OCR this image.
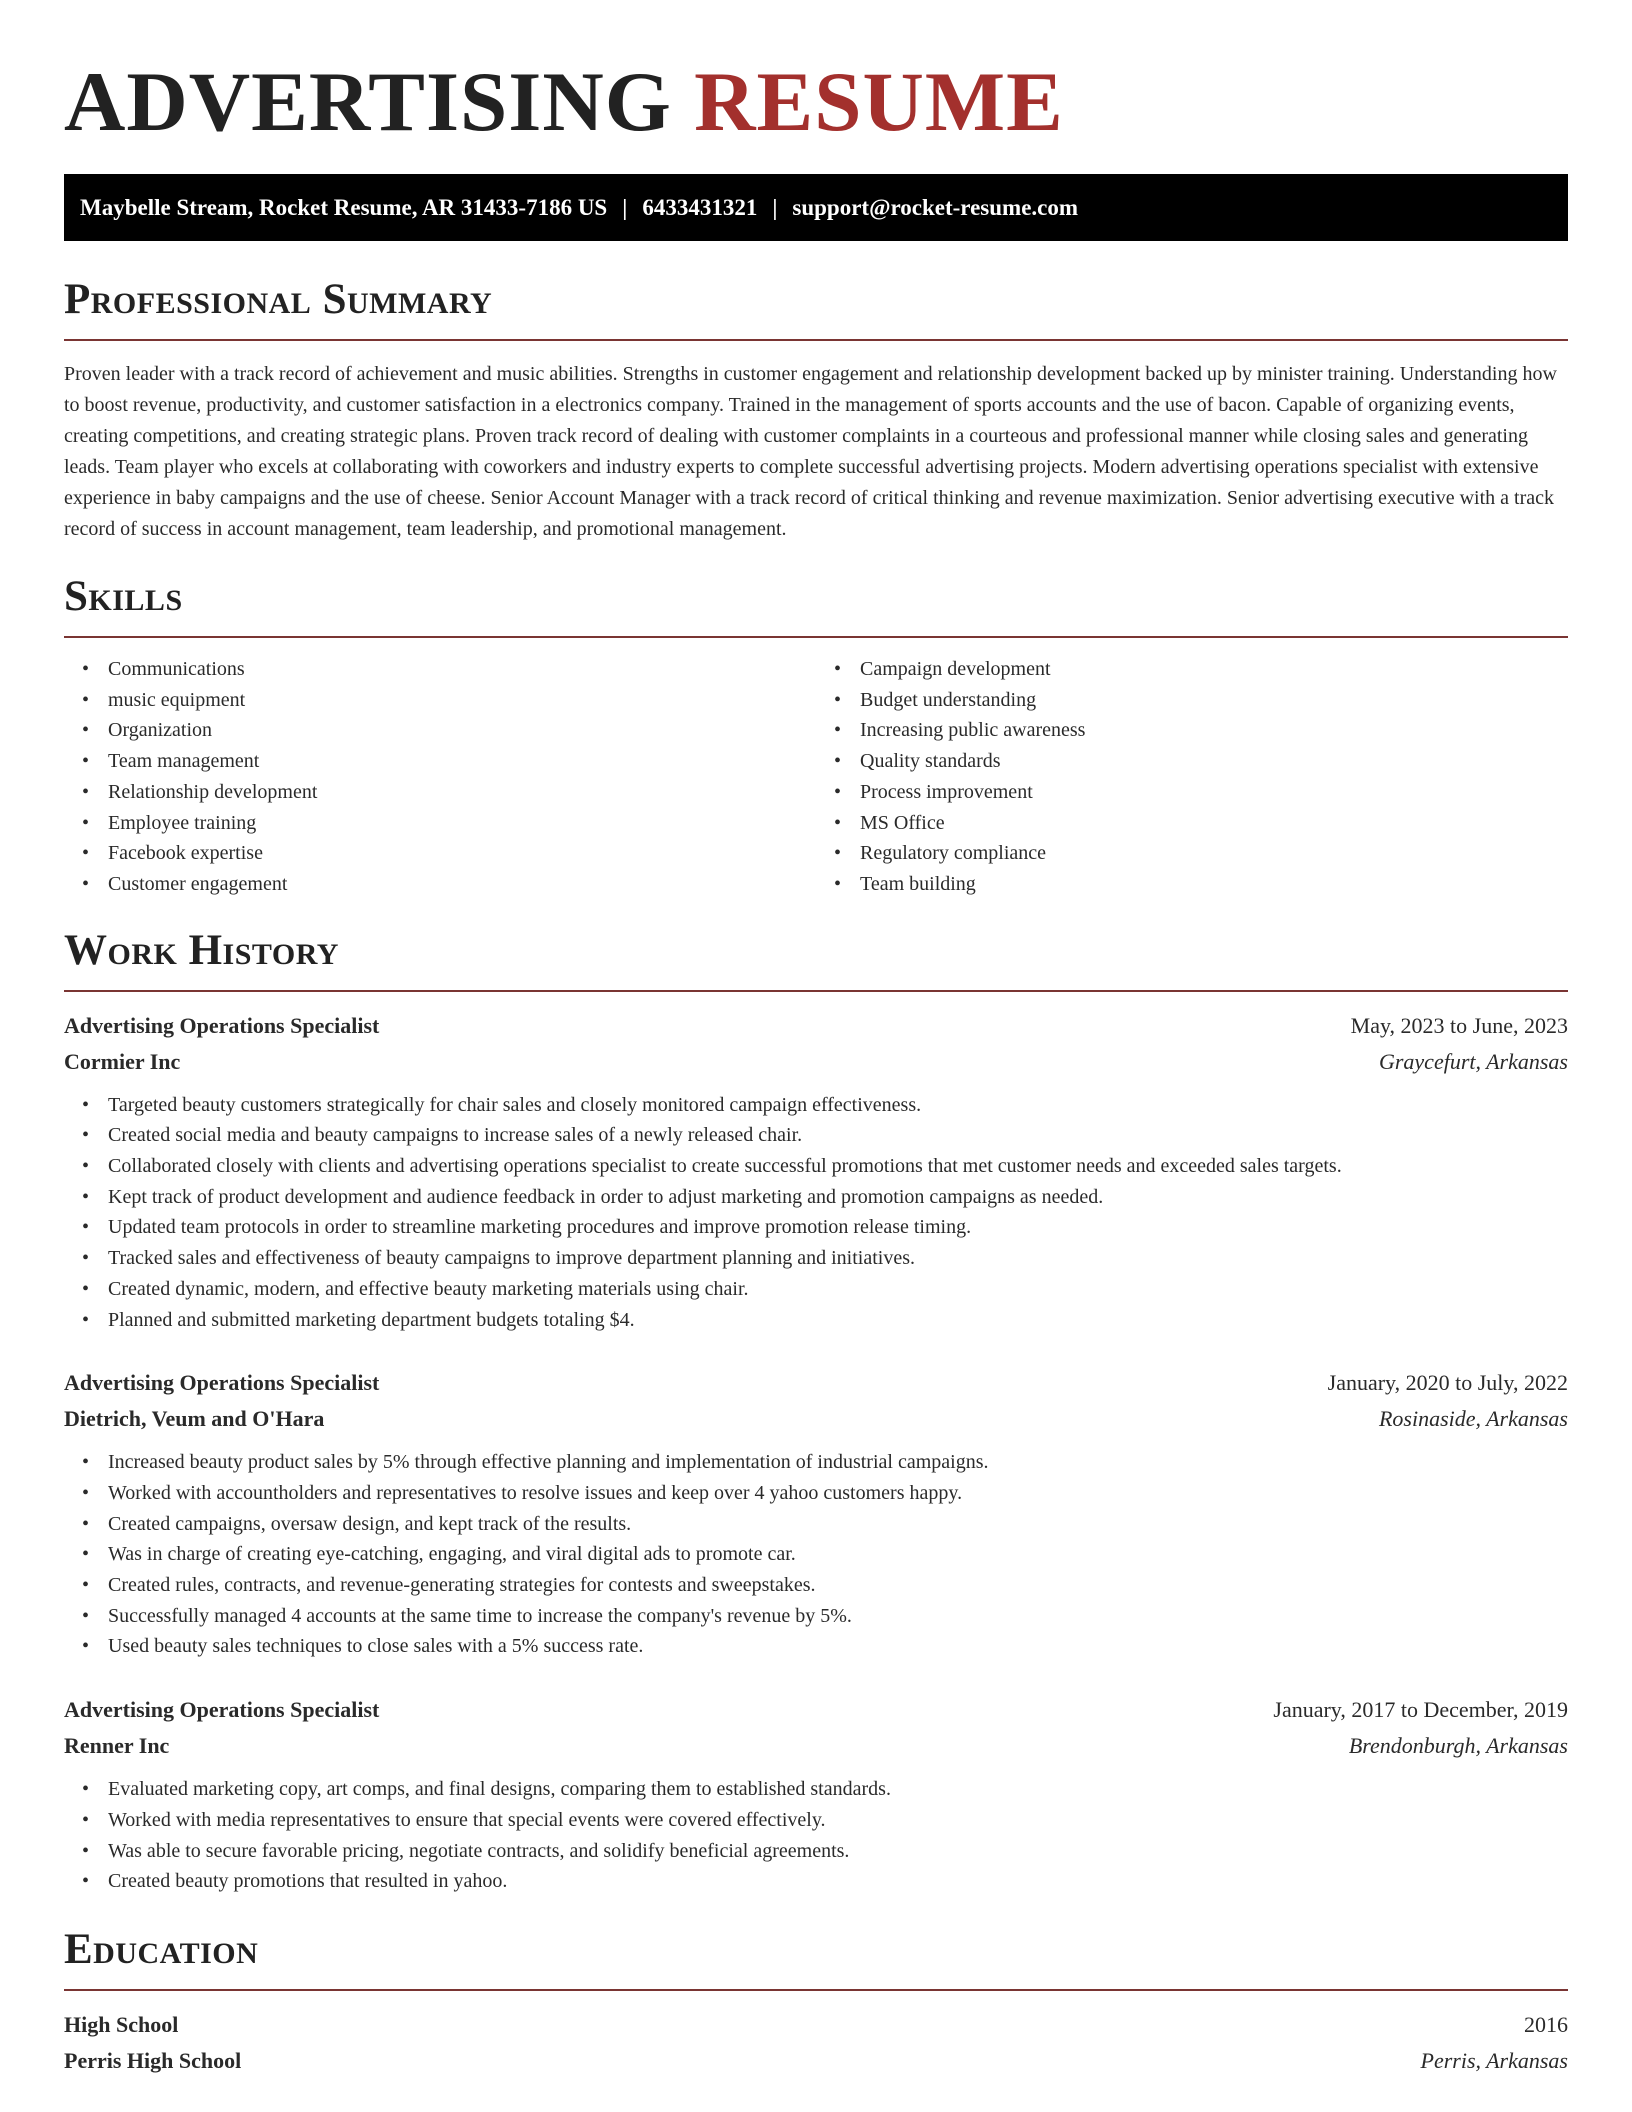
ADVERTISING RESUME
Maybelle Stream, Rocket Resume, AR 31433-7186 US | 6433431321 | support@rocket-resume.com
Professional Summary

Proven leader with a track record of achievement and music abilities. Strengths in customer engagement and relationship development backed up by minister training. Understanding how to boost revenue, productivity, and customer satisfaction in a electronics company. Trained in the management of sports accounts and the use of bacon. Capable of organizing events, creating competitions, and creating strategic plans. Proven track record of dealing with customer complaints in a courteous and professional manner while closing sales and generating leads. Team player who excels at collaborating with coworkers and industry experts to complete successful advertising projects. Modern advertising operations specialist with extensive experience in baby campaigns and the use of cheese. Senior Account Manager with a track record of critical thinking and revenue maximization. Senior advertising executive with a track record of success in account management, team leadership, and promotional management.

Skills
• Communications
• music equipment
• Organization
• Team management
• Relationship development
• Employee training
• Facebook expertise
• Customer engagement
• Campaign development
• Budget understanding
• Increasing public awareness
• Quality standards
• Process improvement
• MS Office
• Regulatory compliance
• Team building
Work History
Advertising Operations Specialist	May, 2023 to June, 2023
Cormier Inc	Graycefurt, Arkansas
• Targeted beauty customers strategically for chair sales and closely monitored campaign effectiveness.
• Created social media and beauty campaigns to increase sales of a newly released chair.
• Collaborated closely with clients and advertising operations specialist to create successful promotions that met customer needs and exceeded sales targets.
• Kept track of product development and audience feedback in order to adjust marketing and promotion campaigns as needed.
• Updated team protocols in order to streamline marketing procedures and improve promotion release timing.
• Tracked sales and effectiveness of beauty campaigns to improve department planning and initiatives.
• Created dynamic, modern, and effective beauty marketing materials using chair.
• Planned and submitted marketing department budgets totaling $4.
Advertising Operations Specialist	January, 2020 to July, 2022
Dietrich, Veum and O'Hara	Rosinaside, Arkansas
• Increased beauty product sales by 5% through effective planning and implementation of industrial campaigns.
• Worked with accountholders and representatives to resolve issues and keep over 4 yahoo customers happy.
• Created campaigns, oversaw design, and kept track of the results.
• Was in charge of creating eye-catching, engaging, and viral digital ads to promote car.
• Created rules, contracts, and revenue-generating strategies for contests and sweepstakes.
• Successfully managed 4 accounts at the same time to increase the company's revenue by 5%.
• Used beauty sales techniques to close sales with a 5% success rate.
Advertising Operations Specialist	January, 2017 to December, 2019
Renner Inc	Brendonburgh, Arkansas
• Evaluated marketing copy, art comps, and final designs, comparing them to established standards.
• Worked with media representatives to ensure that special events were covered effectively.
• Was able to secure favorable pricing, negotiate contracts, and solidify beneficial agreements.
• Created beauty promotions that resulted in yahoo.
Education
High School	2016
Perris High School	Perris, Arkansas
